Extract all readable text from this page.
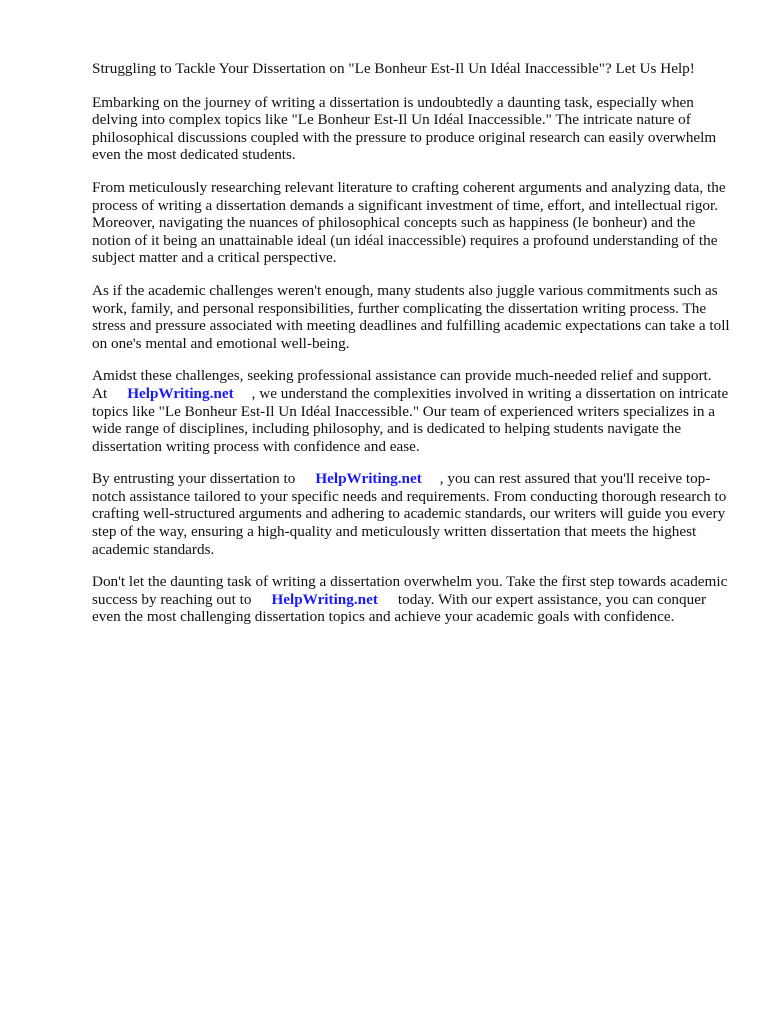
Struggling to Tackle Your Dissertation on "Le Bonheur Est-Il Un Idéal Inaccessible"? Let Us Help!

Embarking on the journey of writing a dissertation is undoubtedly a daunting task, especially when delving into complex topics like "Le Bonheur Est-Il Un Idéal Inaccessible." The intricate nature of philosophical discussions coupled with the pressure to produce original research can easily overwhelm even the most dedicated students.

From meticulously researching relevant literature to crafting coherent arguments and analyzing data, the process of writing a dissertation demands a significant investment of time, effort, and intellectual rigor. Moreover, navigating the nuances of philosophical concepts such as happiness (le bonheur) and the notion of it being an unattainable ideal (un idéal inaccessible) requires a profound understanding of the subject matter and a critical perspective.

As if the academic challenges weren't enough, many students also juggle various commitments such as work, family, and personal responsibilities, further complicating the dissertation writing process. The stress and pressure associated with meeting deadlines and fulfilling academic expectations can take a toll on one's mental and emotional well-being.

Amidst these challenges, seeking professional assistance can provide much-needed relief and support. At HelpWriting.net , we understand the complexities involved in writing a dissertation on intricate topics like "Le Bonheur Est-Il Un Idéal Inaccessible." Our team of experienced writers specializes in a wide range of disciplines, including philosophy, and is dedicated to helping students navigate the dissertation writing process with confidence and ease.

By entrusting your dissertation to HelpWriting.net , you can rest assured that you'll receive top-notch assistance tailored to your specific needs and requirements. From conducting thorough research to crafting well-structured arguments and adhering to academic standards, our writers will guide you every step of the way, ensuring a high-quality and meticulously written dissertation that meets the highest academic standards.

Don't let the daunting task of writing a dissertation overwhelm you. Take the first step towards academic success by reaching out to HelpWriting.net today. With our expert assistance, you can conquer even the most challenging dissertation topics and achieve your academic goals with confidence.
